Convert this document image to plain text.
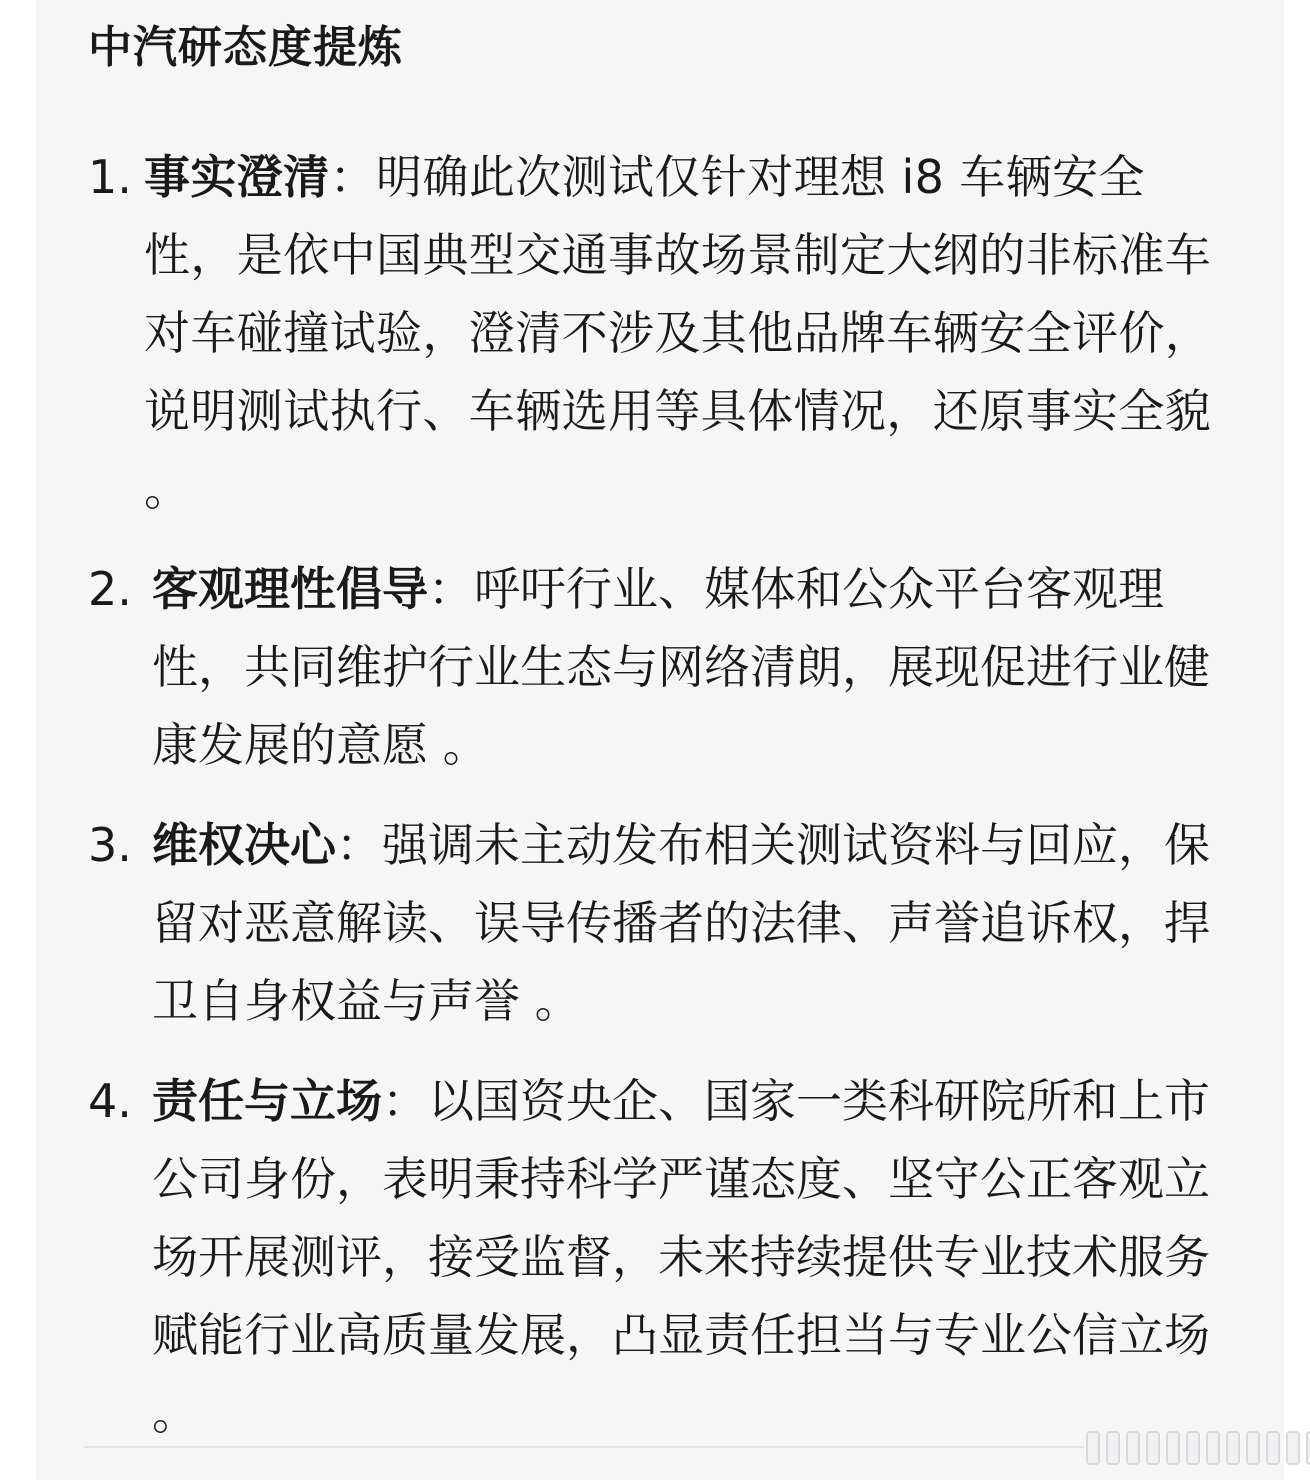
中汽研态度提炼
1. 事实澄清：明确此次测试仅针对理想 i8 车辆安全性，是依中国典型交通事故场景制定大纲的非标准车对车碰撞试验，澄清不涉及其他品牌车辆安全评价，说明测试执行、车辆选用等具体情况，还原事实全貌 。
2. 客观理性倡导：呼吁行业、媒体和公众平台客观理性，共同维护行业生态与网络清朗，展现促进行业健康发展的意愿 。
3. 维权决心：强调未主动发布相关测试资料与回应，保留对恶意解读、误导传播者的法律、声誉追诉权，捍卫自身权益与声誉 。
4. 责任与立场：以国资央企、国家一类科研院所和上市公司身份，表明秉持科学严谨态度、坚守公正客观立场开展测评，接受监督，未来持续提供专业技术服务赋能行业高质量发展，凸显责任担当与专业公信立场 。
